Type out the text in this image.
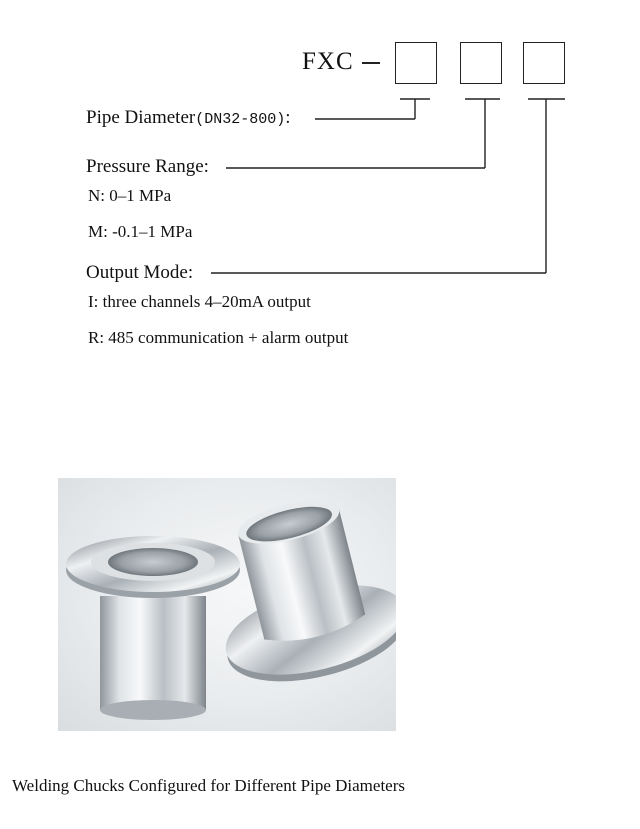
FXC
Pipe Diameter(DN32-800):
Pressure Range:
N: 0–1 MPa
M: -0.1–1 MPa
Output Mode:
I: three channels 4–20mA output
R: 485 communication + alarm output
Welding Chucks Configured for Different Pipe Diameters
